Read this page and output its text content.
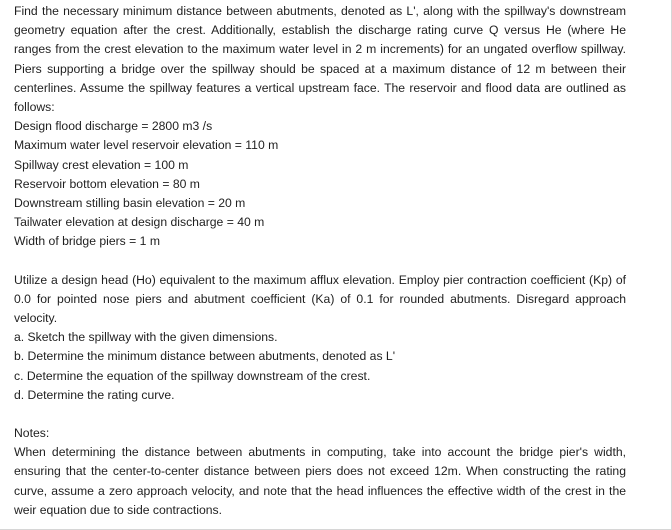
Find the necessary minimum distance between abutments, denoted as L', along with the spillway's downstream geometry equation after the crest. Additionally, establish the discharge rating curve Q versus He (where He ranges from the crest elevation to the maximum water level in 2 m increments) for an ungated overflow spillway. Piers supporting a bridge over the spillway should be spaced at a maximum distance of 12 m between their centerlines. Assume the spillway features a vertical upstream face. The reservoir and flood data are outlined as follows:

Design flood discharge = 2800 m3 /s
Maximum water level reservoir elevation = 110 m
Spillway crest elevation = 100 m
Reservoir bottom elevation = 80 m
Downstream stilling basin elevation = 20 m
Tailwater elevation at design discharge = 40 m
Width of bridge piers = 1 m

Utilize a design head (Ho) equivalent to the maximum afflux elevation. Employ pier contraction coefficient (Kp) of 0.0 for pointed nose piers and abutment coefficient (Ka) of 0.1 for rounded abutments. Disregard approach velocity.

a. Sketch the spillway with the given dimensions.
b. Determine the minimum distance between abutments, denoted as L'
c. Determine the equation of the spillway downstream of the crest.
d. Determine the rating curve.

Notes:

When determining the distance between abutments in computing, take into account the bridge pier's width, ensuring that the center-to-center distance between piers does not exceed 12m. When constructing the rating curve, assume a zero approach velocity, and note that the head influences the effective width of the crest in the weir equation due to side contractions.
